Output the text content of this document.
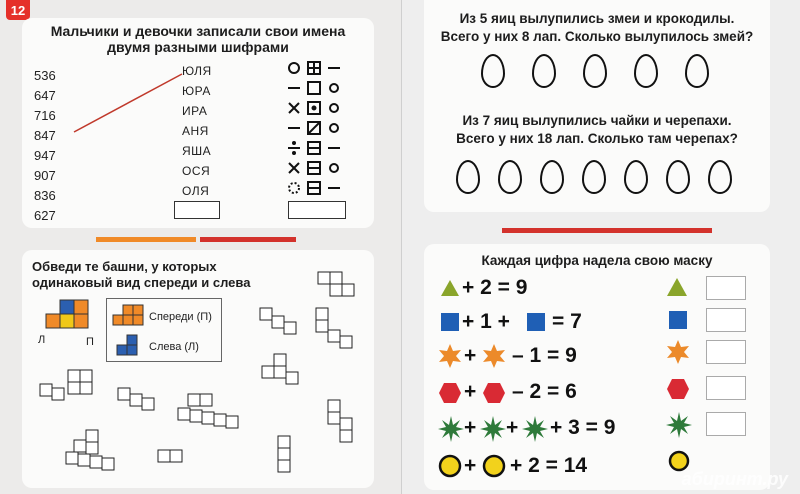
12
Мальчики и девочки записали свои имена
двумя разными шифрами
536
647
716
847
947
907
836
627
ЮЛЯ
ЮРА
ИРА
АНЯ
ЯША
ОСЯ
ОЛЯ
Обведи те башни, у которых
одинаковый вид спереди и слева
Л	П
Спереди (П)
Слева (Л)
Из 5 яиц вылупились змеи и крокодилы.
Всего у них 8 лап. Сколько вылупилось змей?
Из 7 яиц вылупились чайки и черепахи.
Всего у них 18 лап. Сколько там черепах?
Каждая цифра надела свою маску
+ 2 = 9
+ 1 + = 7
+ – 1 = 9
+ – 2 = 6
+ + + 3 = 9
+ + 2 = 14
абиринт.ру
